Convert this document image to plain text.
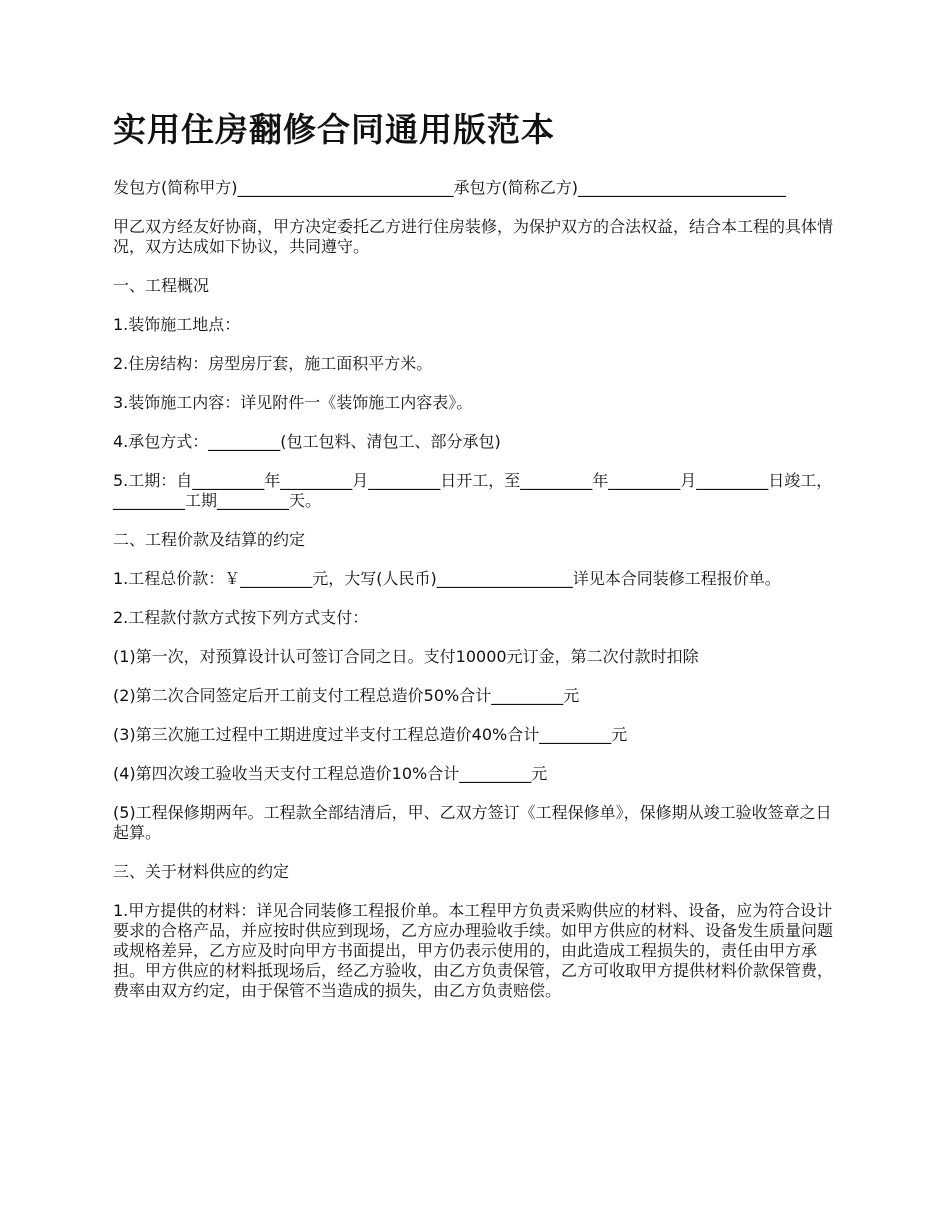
实用住房翻修合同通用版范本

发包方(简称甲方)___________________________承包方(简称乙方)__________________________

甲乙双方经友好协商，甲方决定委托乙方进行住房装修，为保护双方的合法权益，结合本工程的具体情况，双方达成如下协议，共同遵守。

一、工程概况

1.装饰施工地点：

2.住房结构：房型房厅套，施工面积平方米。

3.装饰施工内容：详见附件一《装饰施工内容表》。

4.承包方式：_________(包工包料、清包工、部分承包)

5.工期：自_________年_________月_________日开工，至_________年_________月_________日竣工，_________工期_________天。

二、工程价款及结算的约定

1.工程总价款：￥_________元，大写(人民币)_________________详见本合同装修工程报价单。

2.工程款付款方式按下列方式支付：

(1)第一次，对预算设计认可签订合同之日。支付10000元订金，第二次付款时扣除

(2)第二次合同签定后开工前支付工程总造价50%合计_________元

(3)第三次施工过程中工期进度过半支付工程总造价40%合计_________元

(4)第四次竣工验收当天支付工程总造价10%合计_________元

(5)工程保修期两年。工程款全部结清后，甲、乙双方签订《工程保修单》，保修期从竣工验收签章之日起算。

三、关于材料供应的约定

1.甲方提供的材料：详见合同装修工程报价单。本工程甲方负责采购供应的材料、设备，应为符合设计要求的合格产品，并应按时供应到现场，乙方应办理验收手续。如甲方供应的材料、设备发生质量问题或规格差异，乙方应及时向甲方书面提出，甲方仍表示使用的，由此造成工程损失的，责任由甲方承担。甲方供应的材料抵现场后，经乙方验收，由乙方负责保管，乙方可收取甲方提供材料价款保管费，费率由双方约定，由于保管不当造成的损失，由乙方负责赔偿。
